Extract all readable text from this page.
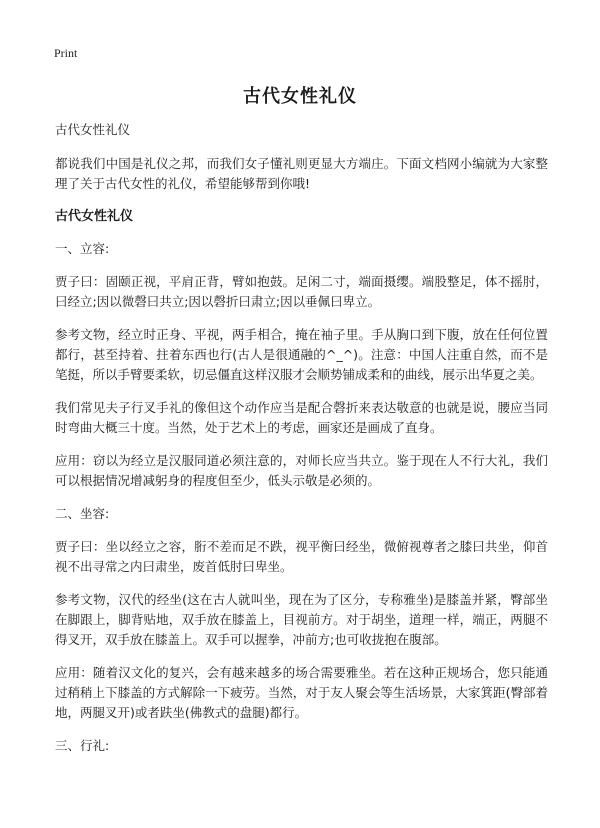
Print
古代女性礼仪

古代女性礼仪

都说我们中国是礼仪之邦，而我们女子懂礼则更显大方端庄。下面文档网小编就为大家整理了关于古代女性的礼仪，希望能够帮到你哦!

古代女性礼仪

一、立容:

贾子曰：固颐正视，平肩正背，臂如抱鼓。足闲二寸，端面摄缨。端股整足，体不摇肘，曰经立;因以微磬曰共立;因以磬折曰肃立;因以垂佩曰卑立。

参考文物，经立时正身、平视，两手相合，掩在袖子里。手从胸口到下腹，放在任何位置都行，甚至持着、拄着东西也行(古人是很通融的^_^)。注意：中国人注重自然，而不是笔挺，所以手臂要柔软，切忌僵直这样汉服才会顺势铺成柔和的曲线，展示出华夏之美。

我们常见夫子行叉手礼的像但这个动作应当是配合磬折来表达敬意的也就是说，腰应当同时弯曲大概三十度。当然，处于艺术上的考虑，画家还是画成了直身。

应用：窃以为经立是汉服同道必须注意的，对师长应当共立。鉴于现在人不行大礼，我们可以根据情况增减躬身的程度但至少，低头示敬是必须的。

二、坐容:

贾子曰：坐以经立之容，胻不差而足不跌，视平衡曰经坐，微俯视尊者之膝曰共坐，仰首视不出寻常之内曰肃坐，废首低肘曰卑坐。

参考文物，汉代的经坐(这在古人就叫坐，现在为了区分，专称雅坐)是膝盖并紧，臀部坐在脚跟上，脚背贴地，双手放在膝盖上，目视前方。对于胡坐，道理一样，端正，两腿不得叉开，双手放在膝盖上。双手可以握拳，冲前方;也可收拢抱在腹部。

应用：随着汉文化的复兴，会有越来越多的场合需要雅坐。若在这种正规场合，您只能通过稍稍上下膝盖的方式解除一下疲劳。当然，对于友人聚会等生活场景，大家箕距(臀部着地，两腿叉开)或者趺坐(佛教式的盘腿)都行。

三、行礼:
